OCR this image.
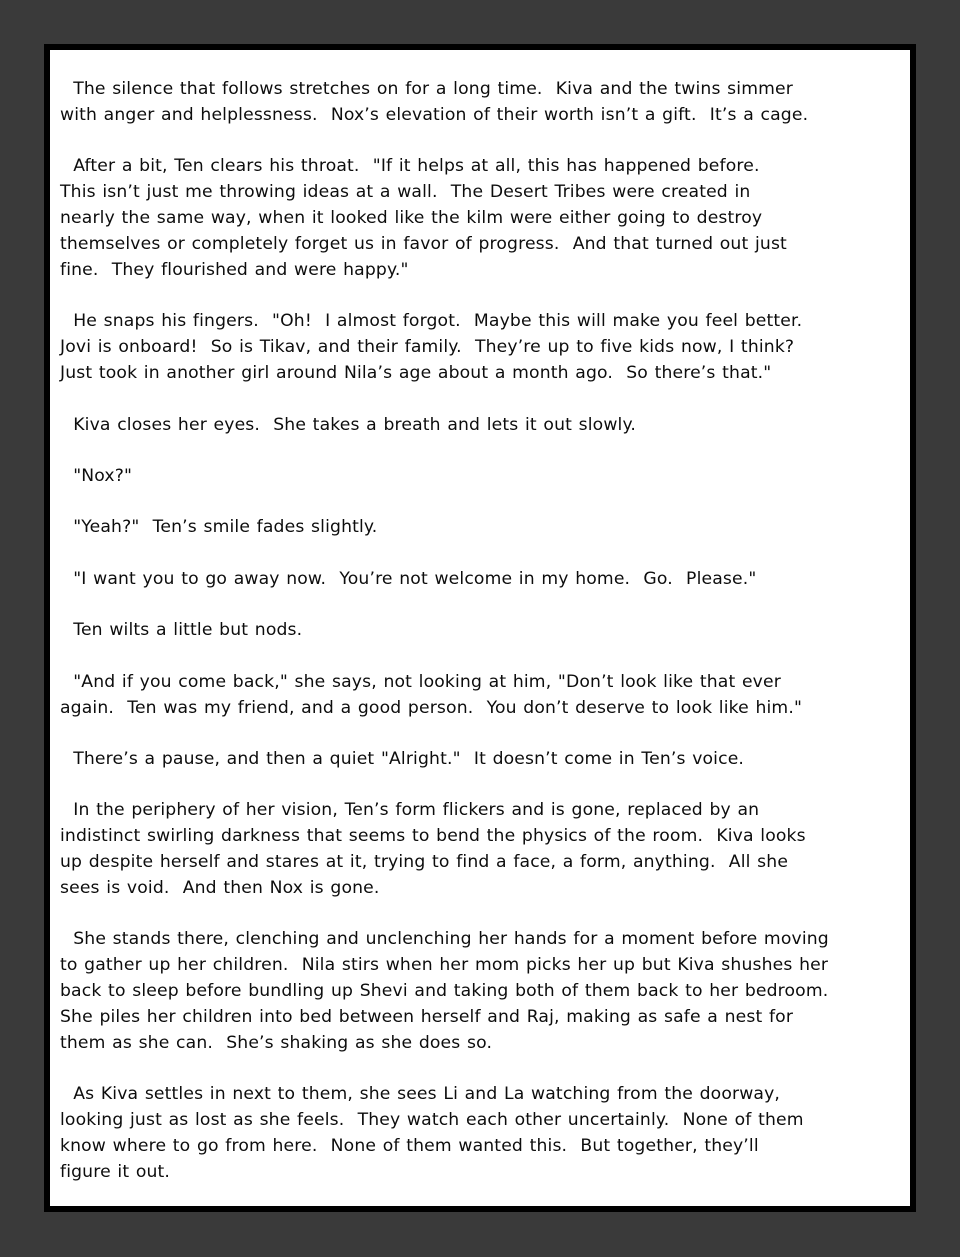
The silence that follows stretches on for a long time.  Kiva and the twins simmer
with anger and helplessness.  Nox’s elevation of their worth isn’t a gift.  It’s a cage.

After a bit, Ten clears his throat.  "If it helps at all, this has happened before.
This isn’t just me throwing ideas at a wall.  The Desert Tribes were created in
nearly the same way, when it looked like the kilm were either going to destroy
themselves or completely forget us in favor of progress.  And that turned out just
fine.  They flourished and were happy."

He snaps his fingers.  "Oh!  I almost forgot.  Maybe this will make you feel better.
Jovi is onboard!  So is Tikav, and their family.  They’re up to five kids now, I think?
Just took in another girl around Nila’s age about a month ago.  So there’s that."

Kiva closes her eyes.  She takes a breath and lets it out slowly.

"Nox?"

"Yeah?"  Ten’s smile fades slightly.

"I want you to go away now.  You’re not welcome in my home.  Go.  Please."

Ten wilts a little but nods.

"And if you come back," she says, not looking at him, "Don’t look like that ever
again.  Ten was my friend, and a good person.  You don’t deserve to look like him."

There’s a pause, and then a quiet "Alright."  It doesn’t come in Ten’s voice.

In the periphery of her vision, Ten’s form flickers and is gone, replaced by an
indistinct swirling darkness that seems to bend the physics of the room.  Kiva looks
up despite herself and stares at it, trying to find a face, a form, anything.  All she
sees is void.  And then Nox is gone.

She stands there, clenching and unclenching her hands for a moment before moving
to gather up her children.  Nila stirs when her mom picks her up but Kiva shushes her
back to sleep before bundling up Shevi and taking both of them back to her bedroom.
She piles her children into bed between herself and Raj, making as safe a nest for
them as she can.  She’s shaking as she does so.

As Kiva settles in next to them, she sees Li and La watching from the doorway,
looking just as lost as she feels.  They watch each other uncertainly.  None of them
know where to go from here.  None of them wanted this.  But together, they’ll
figure it out.
